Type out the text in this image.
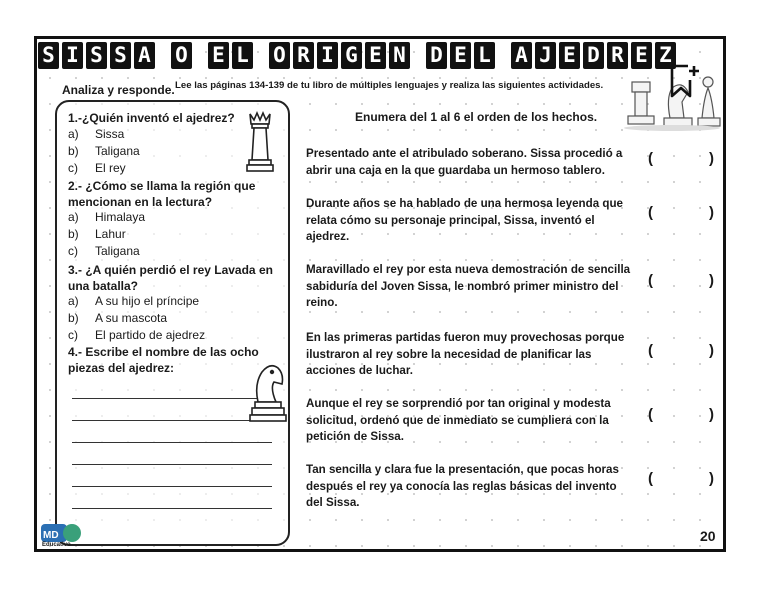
S I S S A O E L O R I G E N D E L A J E D R E Z
Analiza y responde. Lee las páginas 134-139 de tu libro de múltiples lenguajes y realiza las siguientes actividades.
1.-¿Quién inventó el ajedrez?
a) Sissa
b) Taligana
c) El rey
2.- ¿Cómo se llama la región que mencionan en la lectura?
a) Himalaya
b) Lahur
c) Taligana
3.- ¿A quién perdió el rey Lavada en una batalla?
a) A su hijo el príncipe
b) A su mascota
c) El partido de ajedrez
4.- Escribe el nombre de las ocho piezas del ajedrez:
Enumera del 1 al 6 el orden de los hechos.
Presentado ante el atribulado soberano. Sissa procedió a abrir una caja en la que guardaba un hermoso tablero.
(	)
Durante años se ha hablado de una hermosa leyenda que relata cómo su personaje principal, Sissa, inventó el ajedrez.
(	)
Maravillado el rey por esta nueva demostración de sencilla sabiduría del Joven Sissa, le nombró primer ministro del reino.
(	)
En las primeras partidas fueron muy provechosas porque ilustraron al rey sobre la necesidad de planificar las acciones de luchar.
(	)
Aunque el rey se sorprendió por tan original y modesta solicitud, ordenó que de inmediato se cumpliera con la petición de Sissa.
(	)
Tan sencilla y clara fue la presentación, que pocas horas después el rey ya conocía las reglas básicas del invento del Sissa.
(	)
20
MD
Educativo
